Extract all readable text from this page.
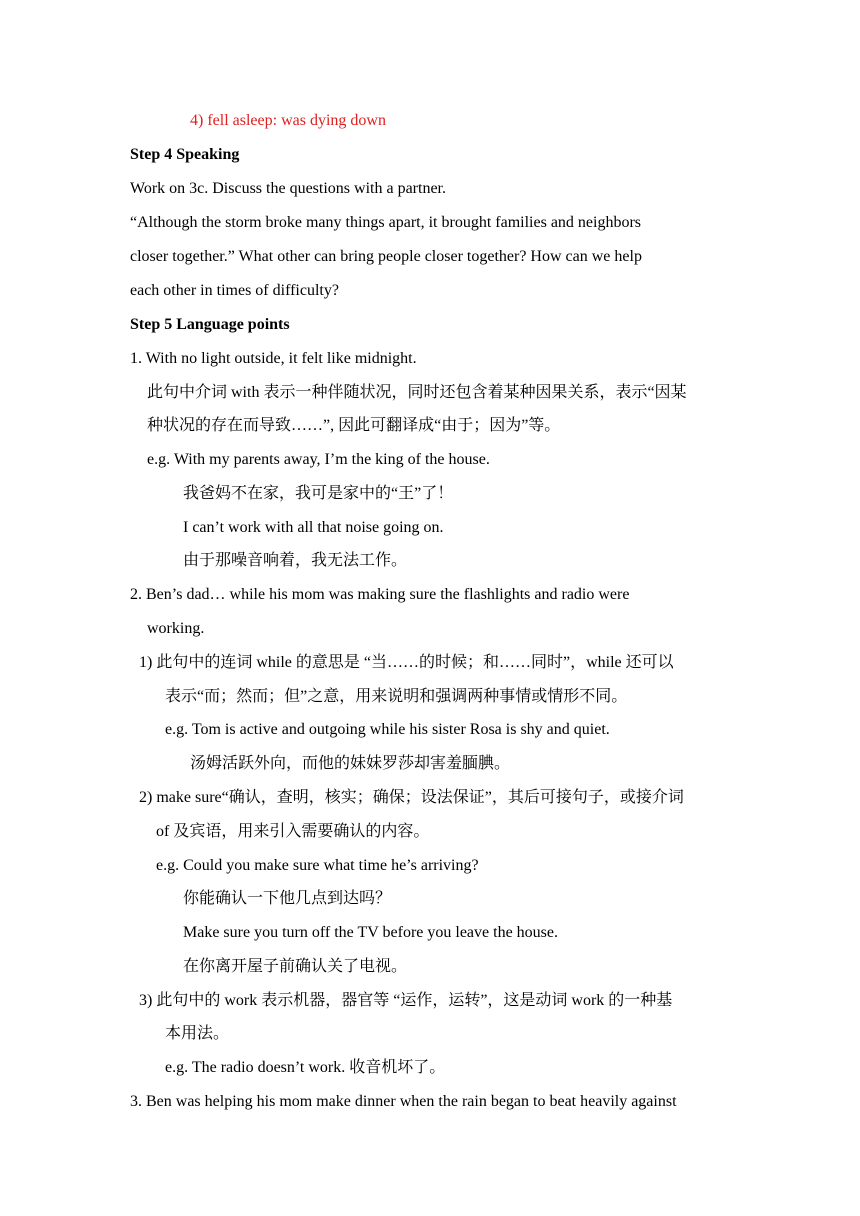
4) fell asleep: was dying down
Step 4 Speaking
Work on 3c. Discuss the questions with a partner.
“Although the storm broke many things apart, it brought families and neighbors
closer together.” What other can bring people closer together? How can we help
each other in times of difficulty?
Step 5 Language points
1. With no light outside, it felt like midnight.
此句中介词 with 表示一种伴随状况，同时还包含着某种因果关系，表示“因某
种状况的存在而导致……”, 因此可翻译成“由于；因为”等。
e.g. With my parents away, I’m the king of the house.
我爸妈不在家，我可是家中的“王”了！
I can’t work with all that noise going on.
由于那噪音响着，我无法工作。
2. Ben’s dad… while his mom was making sure the flashlights and radio were
working.
1) 此句中的连词 while 的意思是 “当……的时候；和……同时”，while 还可以
表示“而；然而；但”之意，用来说明和强调两种事情或情形不同。
e.g. Tom is active and outgoing while his sister Rosa is shy and quiet.
汤姆活跃外向，而他的妹妹罗莎却害羞腼腆。
2) make sure“确认，查明，核实；确保；设法保证”，其后可接句子，或接介词
of 及宾语，用来引入需要确认的内容。
e.g. Could you make sure what time he’s arriving?
你能确认一下他几点到达吗？
Make sure you turn off the TV before you leave the house.
在你离开屋子前确认关了电视。
3) 此句中的 work 表示机器，器官等 “运作，运转”，这是动词 work 的一种基
本用法。
e.g. The radio doesn’t work. 收音机坏了。
3. Ben was helping his mom make dinner when the rain began to beat heavily against
